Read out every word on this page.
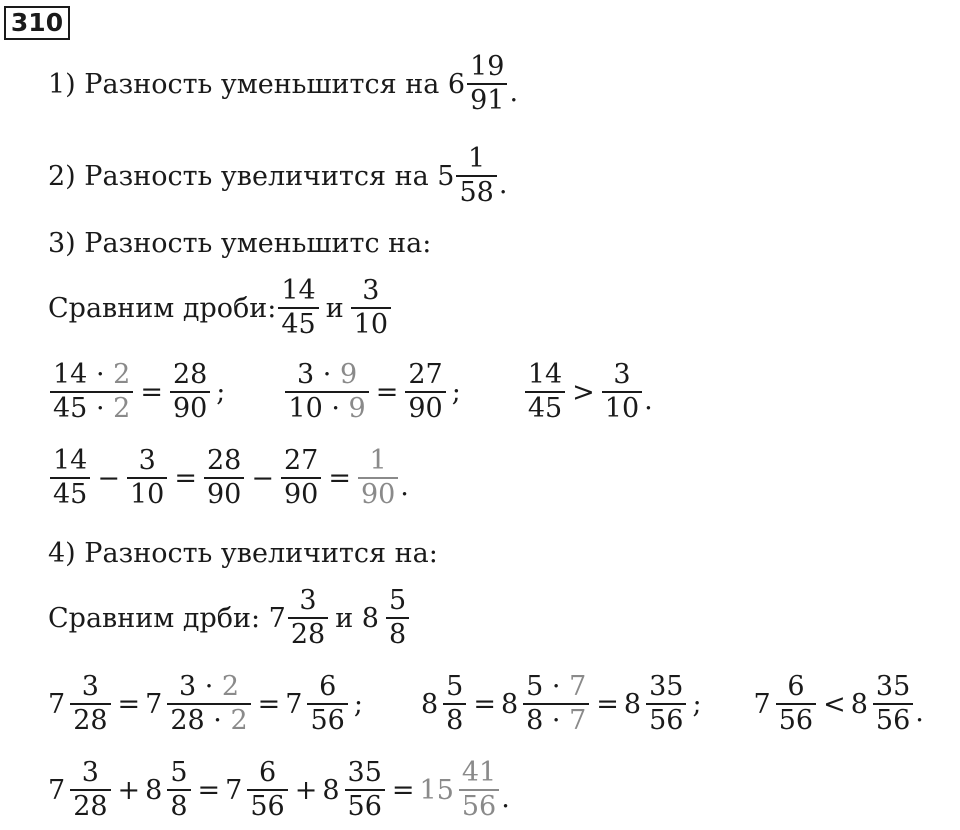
310
1) Разность уменьшится на $6 \frac{19}{91}$ .
2) Разность увеличится на $5 \frac{1}{58}$ .
3) Разность уменьшитс на:
Сравним дроби: $\frac{14}{45}$ и $\frac{3}{10}$
$\frac{14 \cdot 2}{45 \cdot 2} = \frac{28}{90}$ ; $\frac{3 \cdot 9}{10 \cdot 9} = \frac{27}{90}$ ; $\frac{14}{45} > \frac{3}{10}$ .
$\frac{14}{45} - \frac{3}{10} = \frac{28}{90} - \frac{27}{90} = \frac{1}{90}$ .
4) Разность увеличится на:
Сравним дрби: $7 \frac{3}{28}$ и $8 \frac{5}{8}$
$7 \frac{3}{28} = 7 \frac{3 \cdot 2}{28 \cdot 2} = 7 \frac{6}{56}$ ; $8 \frac{5}{8} = 8 \frac{5 \cdot 7}{8 \cdot 7} = 8 \frac{35}{56}$ ; $7 \frac{6}{56} < 8 \frac{35}{56}$ .
$7 \frac{3}{28} + 8 \frac{5}{8} = 7 \frac{6}{56} + 8 \frac{35}{56} = 15 \frac{41}{56}$ .
